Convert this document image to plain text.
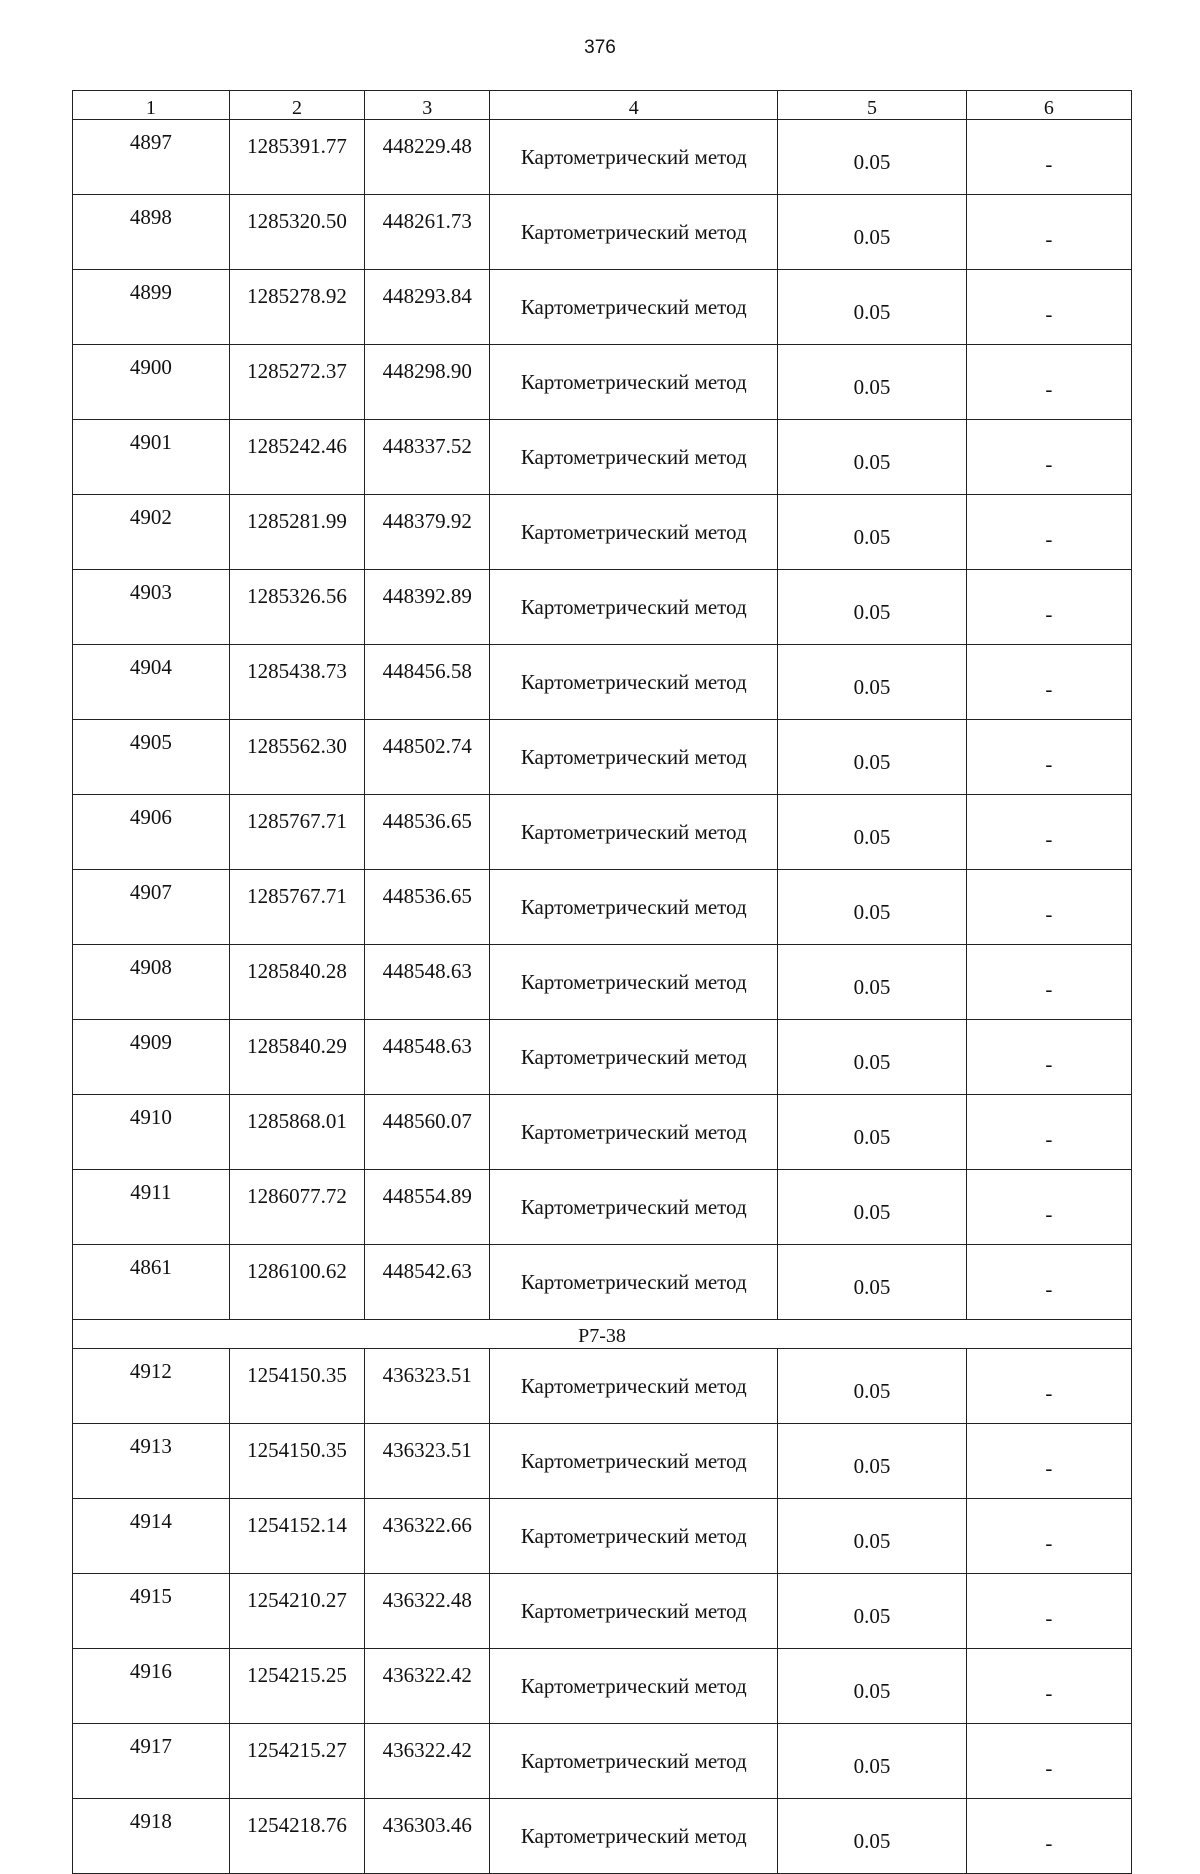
376
1	2	3	4	5	6
4897	1285391.77	448229.48	Картометрический метод	0.05	-
4898	1285320.50	448261.73	Картометрический метод	0.05	-
4899	1285278.92	448293.84	Картометрический метод	0.05	-
4900	1285272.37	448298.90	Картометрический метод	0.05	-
4901	1285242.46	448337.52	Картометрический метод	0.05	-
4902	1285281.99	448379.92	Картометрический метод	0.05	-
4903	1285326.56	448392.89	Картометрический метод	0.05	-
4904	1285438.73	448456.58	Картометрический метод	0.05	-
4905	1285562.30	448502.74	Картометрический метод	0.05	-
4906	1285767.71	448536.65	Картометрический метод	0.05	-
4907	1285767.71	448536.65	Картометрический метод	0.05	-
4908	1285840.28	448548.63	Картометрический метод	0.05	-
4909	1285840.29	448548.63	Картометрический метод	0.05	-
4910	1285868.01	448560.07	Картометрический метод	0.05	-
4911	1286077.72	448554.89	Картометрический метод	0.05	-
4861	1286100.62	448542.63	Картометрический метод	0.05	-
Р7-38					
4912	1254150.35	436323.51	Картометрический метод	0.05	-
4913	1254150.35	436323.51	Картометрический метод	0.05	-
4914	1254152.14	436322.66	Картометрический метод	0.05	-
4915	1254210.27	436322.48	Картометрический метод	0.05	-
4916	1254215.25	436322.42	Картометрический метод	0.05	-
4917	1254215.27	436322.42	Картометрический метод	0.05	-
4918	1254218.76	436303.46	Картометрический метод	0.05	-
